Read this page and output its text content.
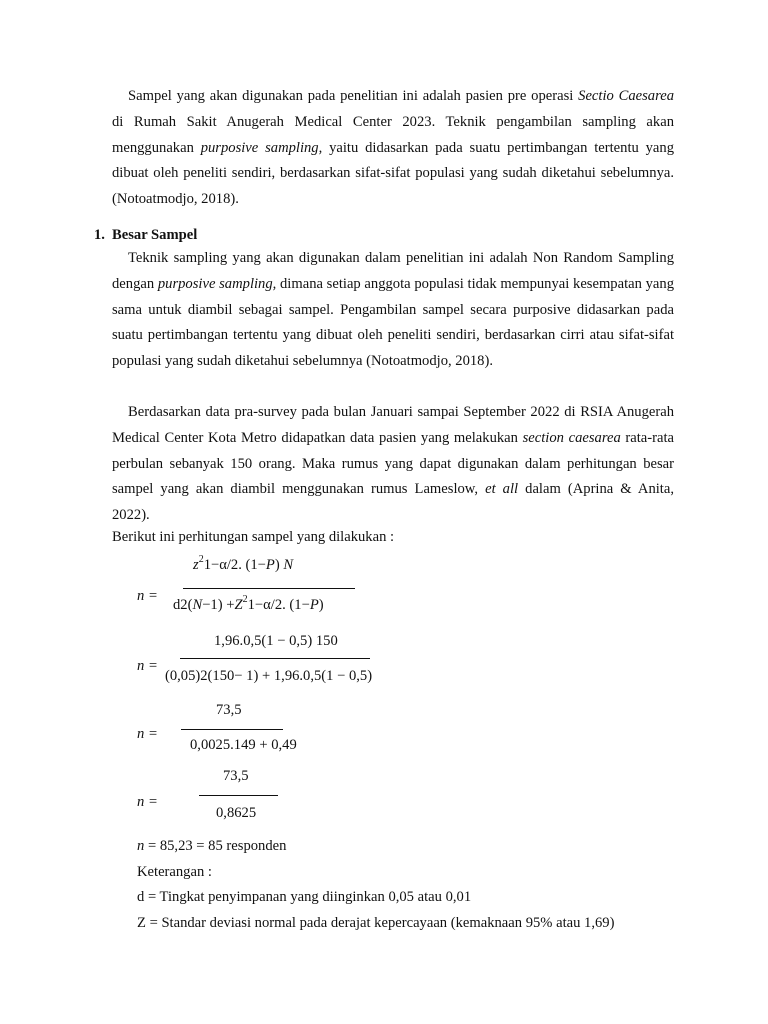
Sampel yang akan digunakan pada penelitian ini adalah pasien pre operasi Sectio Caesarea di Rumah Sakit Anugerah Medical Center 2023. Teknik pengambilan sampling akan menggunakan purposive sampling, yaitu didasarkan pada suatu pertimbangan tertentu yang dibuat oleh peneliti sendiri, berdasarkan sifat-sifat populasi yang sudah diketahui sebelumnya. (Notoatmodjo, 2018).

1. Besar Sampel

Teknik sampling yang akan digunakan dalam penelitian ini adalah Non Random Sampling dengan purposive sampling, dimana setiap anggota populasi tidak mempunyai kesempatan yang sama untuk diambil sebagai sampel. Pengambilan sampel secara purposive didasarkan pada suatu pertimbangan tertentu yang dibuat oleh peneliti sendiri, berdasarkan cirri atau sifat-sifat populasi yang sudah diketahui sebelumnya (Notoatmodjo, 2018).

Berdasarkan data pra-survey pada bulan Januari sampai September 2022 di RSIA Anugerah Medical Center Kota Metro didapatkan data pasien yang melakukan section caesarea rata-rata perbulan sebanyak 150 orang. Maka rumus yang dapat digunakan dalam perhitungan besar sampel yang akan diambil menggunakan rumus Lameslow, et all dalam (Aprina & Anita, 2022).

Berikut ini perhitungan sampel yang dilakukan :

n =
$z^21-\alpha/2$. (1−P) N
$d2(N-1) +Z^21-\alpha/2$. (1−P)
n =
1,96.0,5(1 − 0,5) 150
(0,05)2(150− 1) + 1,96.0,5(1 − 0,5)
n =
73,5
0,0025.149 + 0,49
n =
73,5
0,8625

n = 85,23 = 85 responden

Keterangan :

d = Tingkat penyimpanan yang diinginkan 0,05 atau 0,01

Z = Standar deviasi normal pada derajat kepercayaan (kemaknaan 95% atau 1,69)
